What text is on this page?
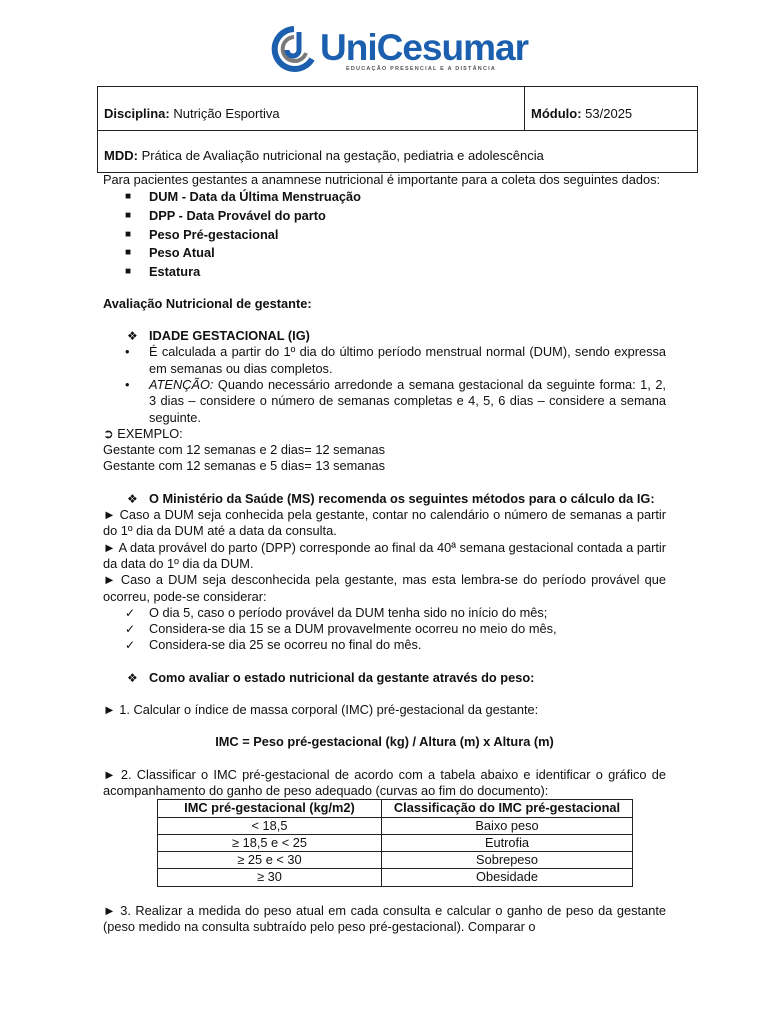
UniCesumar
EDUCAÇÃO PRESENCIAL E A DISTÂNCIA
Disciplina: Nutrição Esportiva	Módulo: 53/2025
MDD: Prática de Avaliação nutricional na gestação, pediatria e adolescência

Para pacientes gestantes a anamnese nutricional é importante para a coleta dos seguintes dados:

■ DUM - Data da Última Menstruação
■ DPP - Data Provável do parto
■ Peso Pré-gestacional
■ Peso Atual
■ Estatura

Avaliação Nutricional de gestante:

❖ IDADE GESTACIONAL (IG)
• É calculada a partir do 1º dia do último período menstrual normal (DUM), sendo expressa em semanas ou dias completos.
• ATENÇÃO: Quando necessário arredonde a semana gestacional da seguinte forma: 1, 2, 3 dias – considere o número de semanas completas e 4, 5, 6 dias – considere a semana seguinte.

➲ EXEMPLO:

Gestante com 12 semanas e 2 dias= 12 semanas

Gestante com 12 semanas e 5 dias= 13 semanas

❖ O Ministério da Saúde (MS) recomenda os seguintes métodos para o cálculo da IG:

► Caso a DUM seja conhecida pela gestante, contar no calendário o número de semanas a partir do 1º dia da DUM até a data da consulta.

► A data provável do parto (DPP) corresponde ao final da 40ª semana gestacional contada a partir da data do 1º dia da DUM.

► Caso a DUM seja desconhecida pela gestante, mas esta lembra-se do período provável que ocorreu, pode-se considerar:

✓ O dia 5, caso o período provável da DUM tenha sido no início do mês;
✓ Considera-se dia 15 se a DUM provavelmente ocorreu no meio do mês,
✓ Considera-se dia 25 se ocorreu no final do mês.
❖ Como avaliar o estado nutricional da gestante através do peso:

► 1. Calcular o índice de massa corporal (IMC) pré-gestacional da gestante:

IMC = Peso pré-gestacional (kg) / Altura (m) x Altura (m)

► 2. Classificar o IMC pré-gestacional de acordo com a tabela abaixo e identificar o gráfico de acompanhamento do ganho de peso adequado (curvas ao fim do documento):

IMC pré-gestacional (kg/m2)	Classificação do IMC pré-gestacional
< 18,5	Baixo peso
≥ 18,5 e < 25	Eutrofia
≥ 25 e < 30	Sobrepeso
≥ 30	Obesidade

► 3. Realizar a medida do peso atual em cada consulta e calcular o ganho de peso da gestante (peso medido na consulta subtraído pelo peso pré-gestacional). Comparar o
